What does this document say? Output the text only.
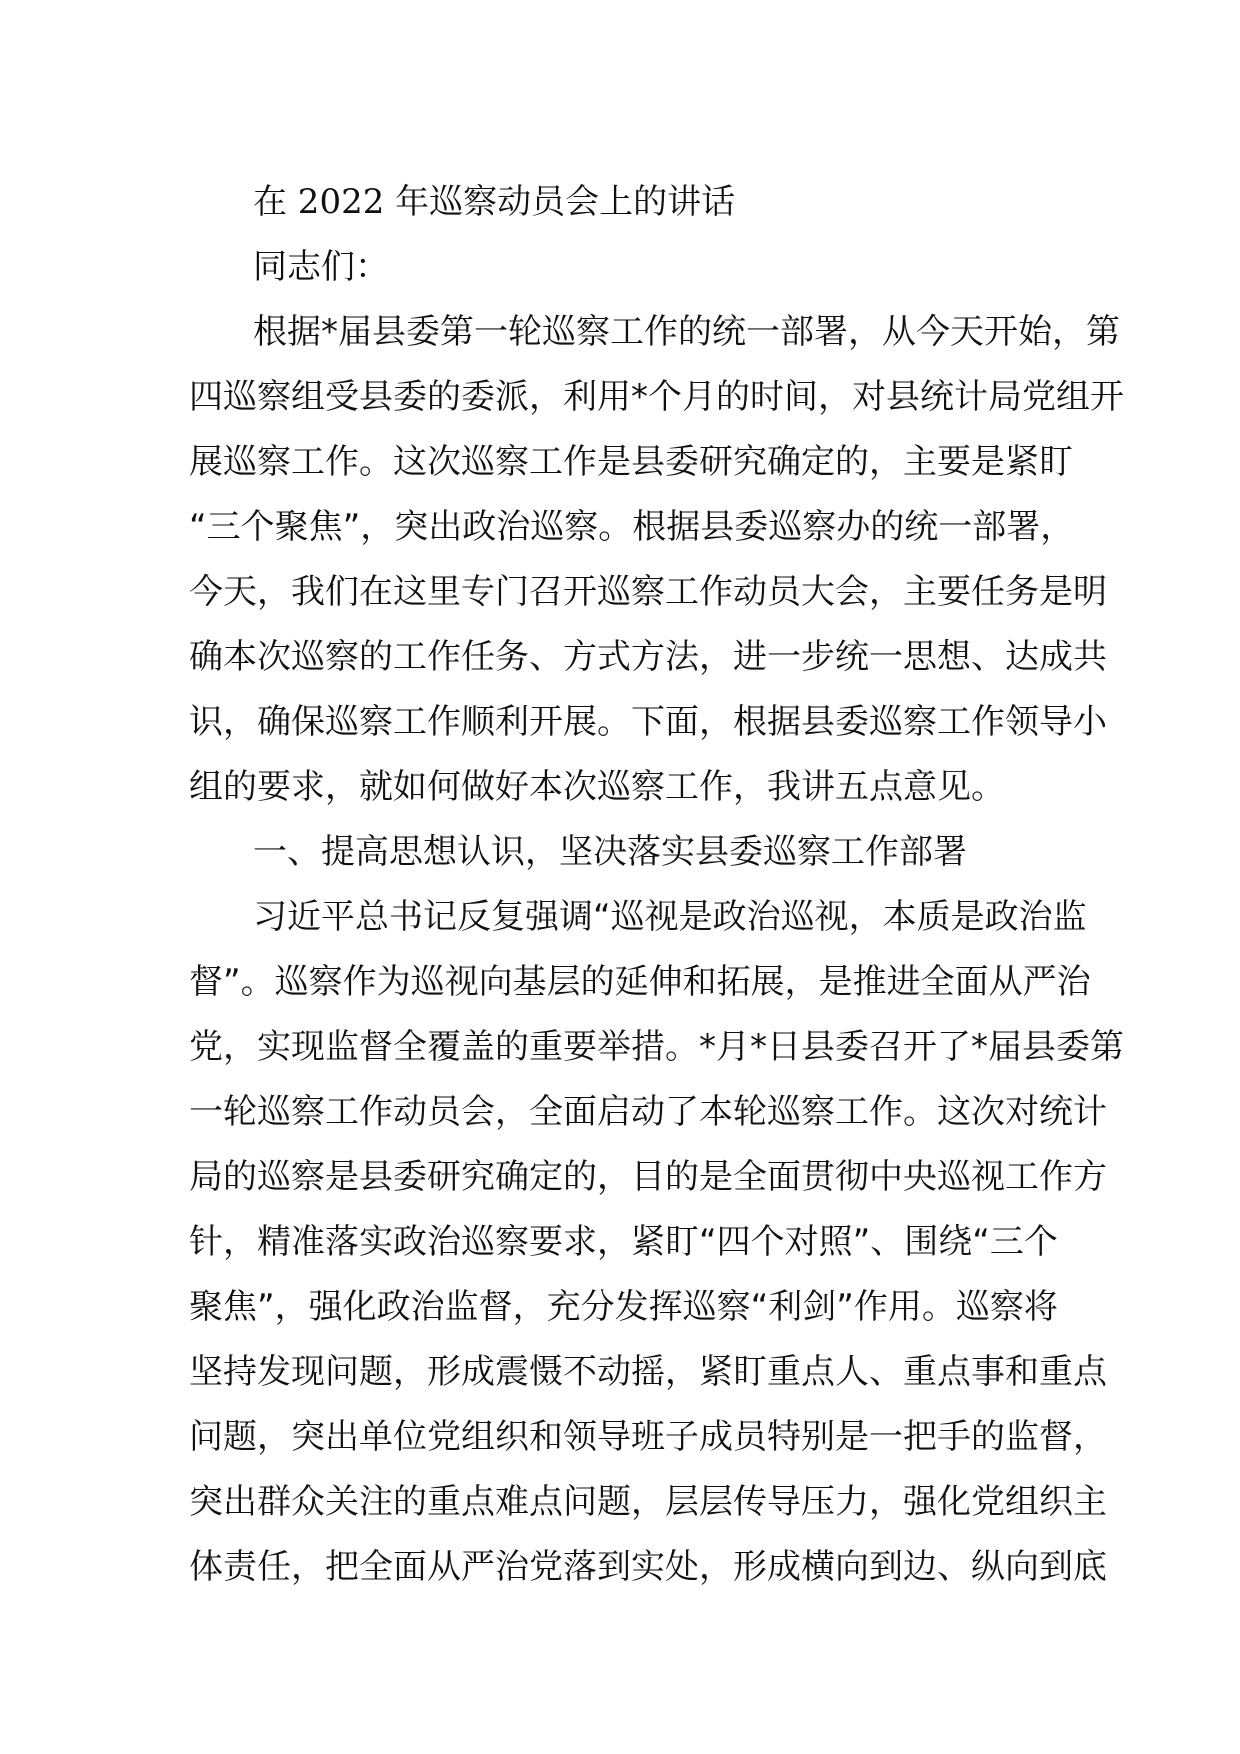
在 2022 年巡察动员会上的讲话
同志们：
根据*届县委第一轮巡察工作的统一部署，从今天开始，第
四巡察组受县委的委派，利用*个月的时间，对县统计局党组开
展巡察工作。这次巡察工作是县委研究确定的，主要是紧盯
“三个聚焦”，突出政治巡察。根据县委巡察办的统一部署，
今天，我们在这里专门召开巡察工作动员大会，主要任务是明
确本次巡察的工作任务、方式方法，进一步统一思想、达成共
识，确保巡察工作顺利开展。下面，根据县委巡察工作领导小
组的要求，就如何做好本次巡察工作，我讲五点意见。
一、提高思想认识，坚决落实县委巡察工作部署
习近平总书记反复强调“巡视是政治巡视，本质是政治监
督”。巡察作为巡视向基层的延伸和拓展，是推进全面从严治
党，实现监督全覆盖的重要举措。*月*日县委召开了*届县委第
一轮巡察工作动员会，全面启动了本轮巡察工作。这次对统计
局的巡察是县委研究确定的，目的是全面贯彻中央巡视工作方
针，精准落实政治巡察要求，紧盯“四个对照”、围绕“三个
聚焦”，强化政治监督，充分发挥巡察“利剑”作用。巡察将
坚持发现问题，形成震慑不动摇，紧盯重点人、重点事和重点
问题，突出单位党组织和领导班子成员特别是一把手的监督，
突出群众关注的重点难点问题，层层传导压力，强化党组织主
体责任，把全面从严治党落到实处，形成横向到边、纵向到底
